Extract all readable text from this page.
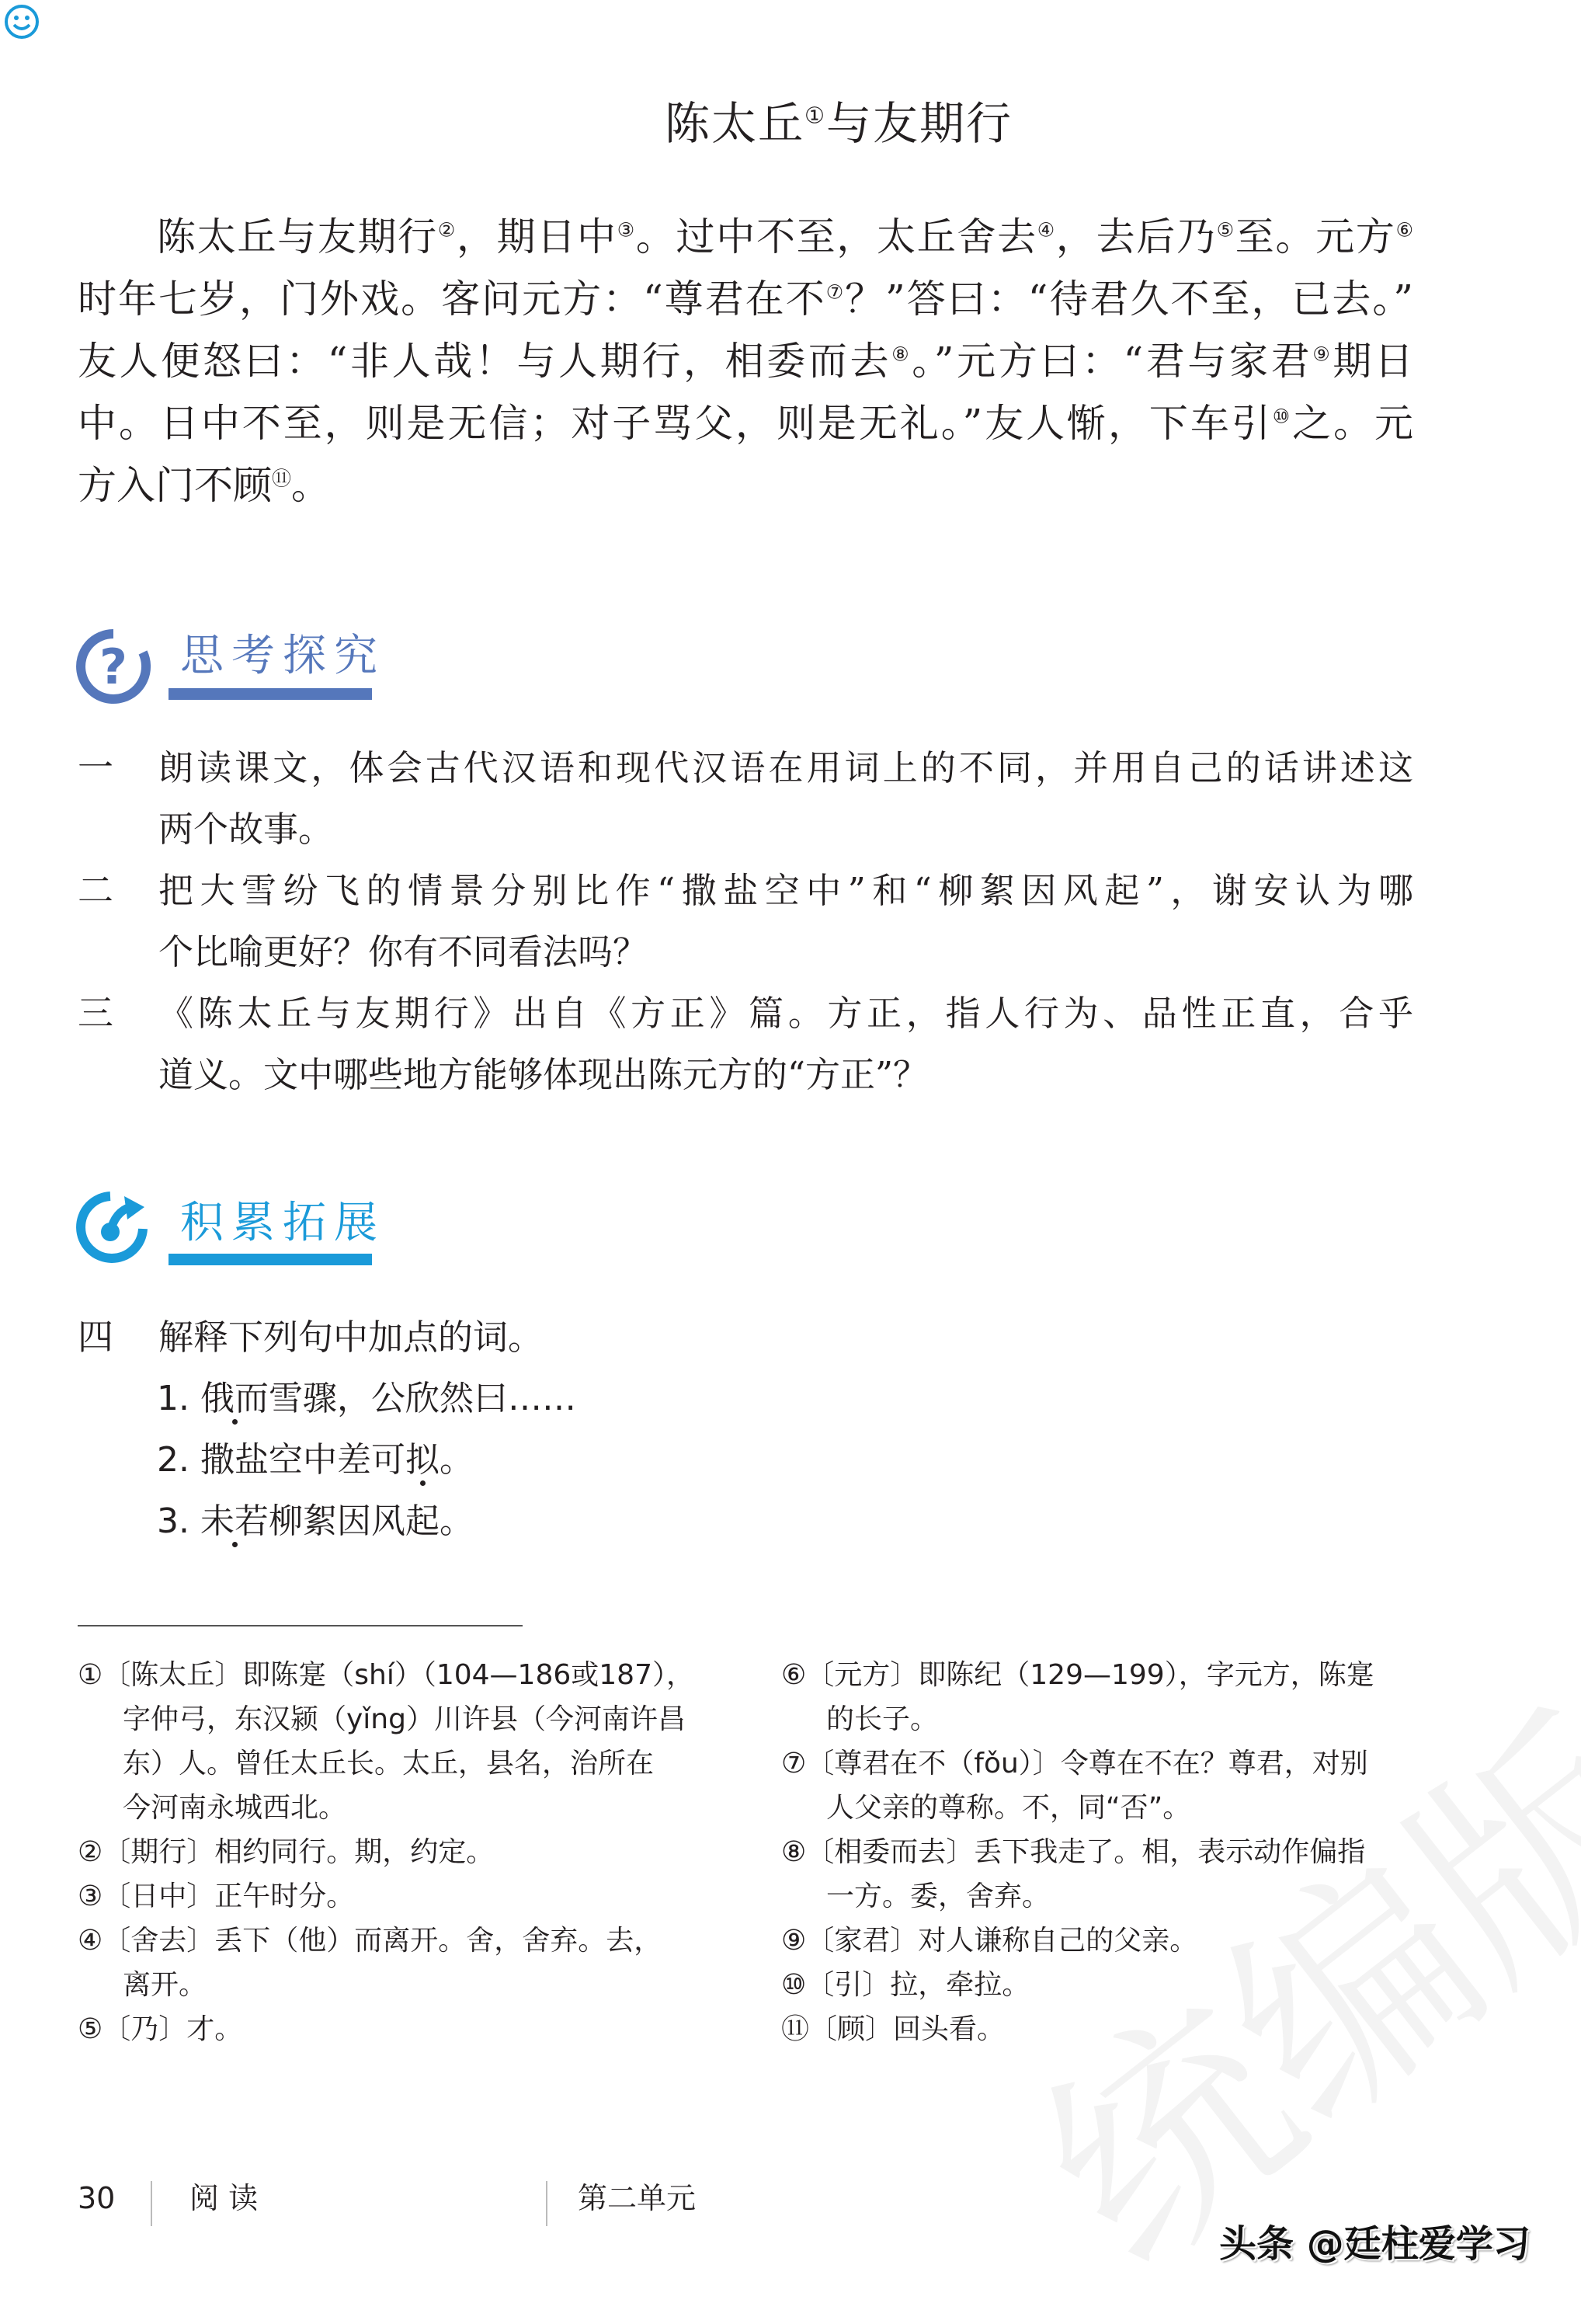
陈太丘①与友期行
陈太丘与友期行②，期日中③。过中不至，太丘舍去④，去后乃⑤至。元方⑥
时年七岁，门外戏。客问元方：“尊君在不⑦？”答曰：“待君久不至，已去。”
友人便怒曰：“非人哉！与人期行，相委而去⑧。”元方曰：“君与家君⑨期日
中。日中不至，则是无信；对子骂父，则是无礼。”友人惭，下车引⑩之。元
方入门不顾⑪。
? 思考探究
一 朗读课文，体会古代汉语和现代汉语在用词上的不同，并用自己的话讲述这
两个故事。
二 把大雪纷飞的情景分别比作“撒盐空中”和“柳絮因风起”，谢安认为哪
个比喻更好？你有不同看法吗？
三 《陈太丘与友期行》出自《方正》篇。方正，指人行为、品性正直，合乎
道义。文中哪些地方能够体现出陈元方的“方正”？
积累拓展
四 解释下列句中加点的词。
1. 俄而雪骤，公欣然曰……
2. 撒盐空中差可拟。
3. 未若柳絮因风起。
①〔陈太丘〕即陈寔（shí）（104—186或187），
字仲弓，东汉颍（yǐng）川许县（今河南许昌
东）人。曾任太丘长。太丘，县名，治所在
今河南永城西北。
②〔期行〕相约同行。期，约定。
③〔日中〕正午时分。
④〔舍去〕丢下（他）而离开。舍，舍弃。去，
离开。
⑤〔乃〕才。
⑥〔元方〕即陈纪（129—199），字元方，陈寔
的长子。
⑦〔尊君在不（fǒu）〕令尊在不在？尊君，对别
人父亲的尊称。不，同“否”。
⑧〔相委而去〕丢下我走了。相，表示动作偏指
一方。委，舍弃。
⑨〔家君〕对人谦称自己的父亲。
⑩〔引〕拉，牵拉。
⑪〔顾〕回头看。
30	阅 读	第二单元
头条 @廷柱爱学习
